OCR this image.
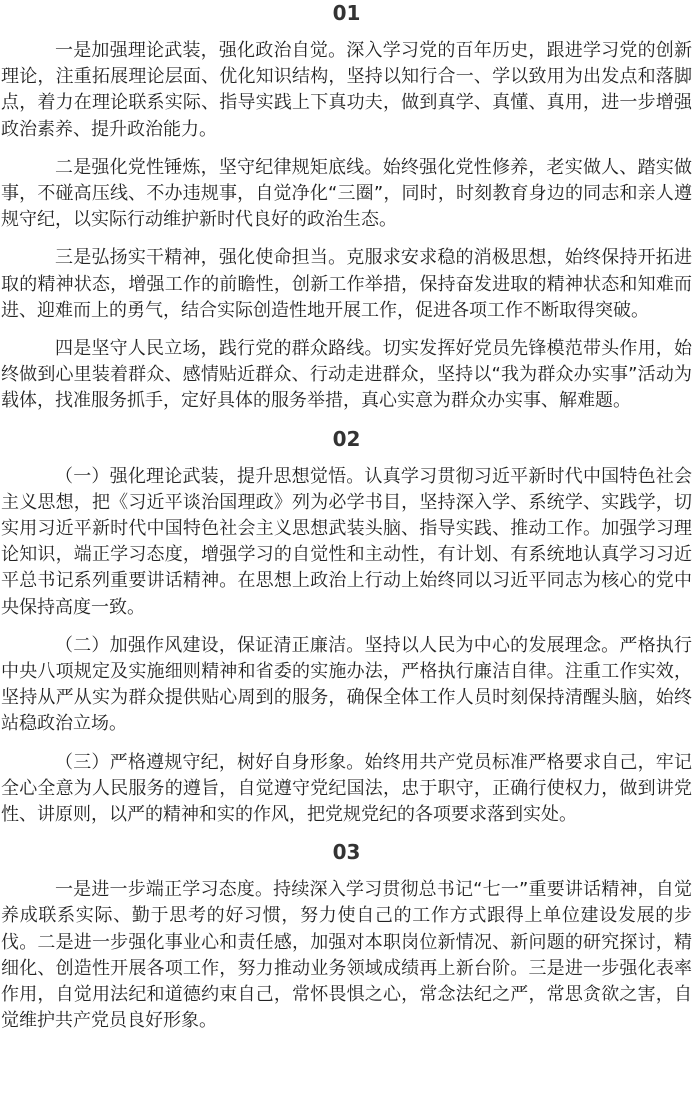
01

一是加强理论武装，强化政治自觉。深入学习党的百年历史，跟进学习党的创新理论，注重拓展理论层面、优化知识结构，坚持以知行合一、学以致用为出发点和落脚点，着力在理论联系实际、指导实践上下真功夫，做到真学、真懂、真用，进一步增强政治素养、提升政治能力。

二是强化党性锤炼，坚守纪律规矩底线。始终强化党性修养，老实做人、踏实做事，不碰高压线、不办违规事，自觉净化“三圈”，同时，时刻教育身边的同志和亲人遵规守纪，以实际行动维护新时代良好的政治生态。

三是弘扬实干精神，强化使命担当。克服求安求稳的消极思想，始终保持开拓进取的精神状态，增强工作的前瞻性，创新工作举措，保持奋发进取的精神状态和知难而进、迎难而上的勇气，结合实际创造性地开展工作，促进各项工作不断取得突破。

四是坚守人民立场，践行党的群众路线。切实发挥好党员先锋模范带头作用，始终做到心里装着群众、感情贴近群众、行动走进群众，坚持以“我为群众办实事”活动为载体，找准服务抓手，定好具体的服务举措，真心实意为群众办实事、解难题。

02

（一）强化理论武装，提升思想觉悟。认真学习贯彻习近平新时代中国特色社会主义思想，把《习近平谈治国理政》列为必学书目，坚持深入学、系统学、实践学，切实用习近平新时代中国特色社会主义思想武装头脑、指导实践、推动工作。加强学习理论知识，端正学习态度，增强学习的自觉性和主动性，有计划、有系统地认真学习习近平总书记系列重要讲话精神。在思想上政治上行动上始终同以习近平同志为核心的党中央保持高度一致。

（二）加强作风建设，保证清正廉洁。坚持以人民为中心的发展理念。严格执行中央八项规定及实施细则精神和省委的实施办法，严格执行廉洁自律。注重工作实效，坚持从严从实为群众提供贴心周到的服务，确保全体工作人员时刻保持清醒头脑，始终站稳政治立场。

（三）严格遵规守纪，树好自身形象。始终用共产党员标准严格要求自己，牢记全心全意为人民服务的遵旨，自觉遵守党纪国法，忠于职守，正确行使权力，做到讲党性、讲原则，以严的精神和实的作风，把党规党纪的各项要求落到实处。

03

一是进一步端正学习态度。持续深入学习贯彻总书记“七一”重要讲话精神，自觉养成联系实际、勤于思考的好习惯，努力使自己的工作方式跟得上单位建设发展的步伐。二是进一步强化事业心和责任感，加强对本职岗位新情况、新问题的研究探讨，精细化、创造性开展各项工作，努力推动业务领域成绩再上新台阶。三是进一步强化表率作用，自觉用法纪和道德约束自己，常怀畏惧之心，常念法纪之严，常思贪欲之害，自觉维护共产党员良好形象。
